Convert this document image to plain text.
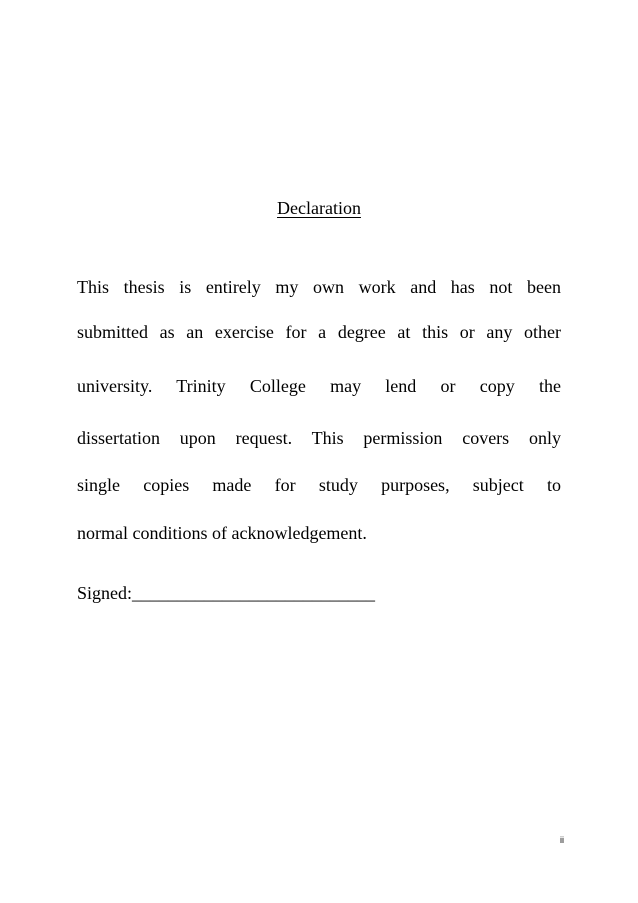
Declaration
This thesis is entirely my own work and has not been
submitted as an exercise for a degree at this or any other
university. Trinity College may lend or copy the
dissertation upon request. This permission covers only
single copies made for study purposes, subject to
normal conditions of acknowledgement.
Signed:___________________________
ii
